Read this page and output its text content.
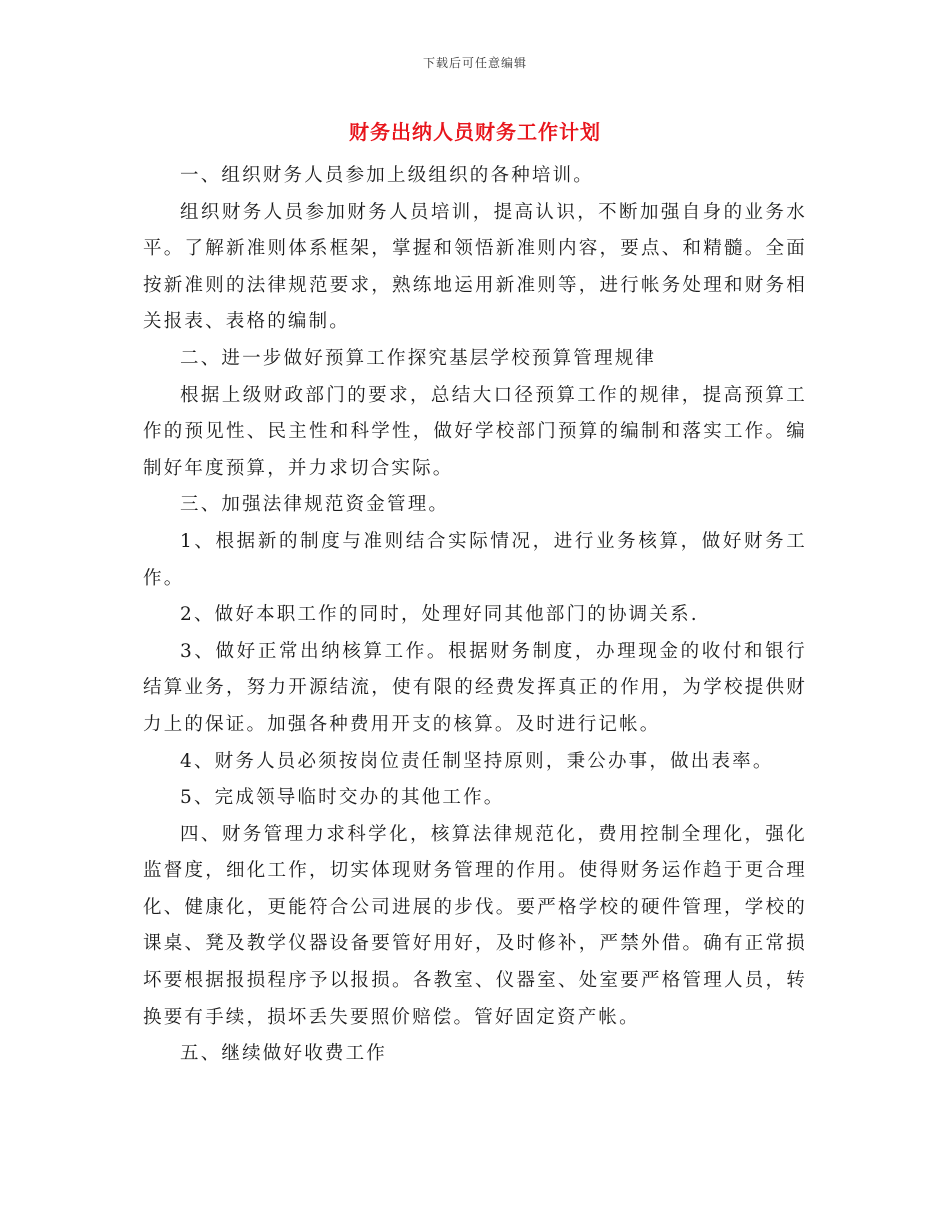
下载后可任意编辑
财务出纳人员财务工作计划

一、组织财务人员参加上级组织的各种培训。

组织财务人员参加财务人员培训，提高认识，不断加强自身的业务水平。了解新准则体系框架，掌握和领悟新准则内容，要点、和精髓。全面按新准则的法律规范要求，熟练地运用新准则等，进行帐务处理和财务相关报表、表格的编制。

二、进一步做好预算工作探究基层学校预算管理规律

根据上级财政部门的要求，总结大口径预算工作的规律，提高预算工作的预见性、民主性和科学性，做好学校部门预算的编制和落实工作。编制好年度预算，并力求切合实际。

三、加强法律规范资金管理。

1、根据新的制度与准则结合实际情况，进行业务核算，做好财务工作。

2、做好本职工作的同时，处理好同其他部门的协调关系.

3、做好正常出纳核算工作。根据财务制度，办理现金的收付和银行结算业务，努力开源结流，使有限的经费发挥真正的作用，为学校提供财力上的保证。加强各种费用开支的核算。及时进行记帐。

4、财务人员必须按岗位责任制坚持原则，秉公办事，做出表率。

5、完成领导临时交办的其他工作。

四、财务管理力求科学化，核算法律规范化，费用控制全理化，强化监督度，细化工作，切实体现财务管理的作用。使得财务运作趋于更合理化、健康化，更能符合公司进展的步伐。要严格学校的硬件管理，学校的课桌、凳及教学仪器设备要管好用好，及时修补，严禁外借。确有正常损坏要根据报损程序予以报损。各教室、仪器室、处室要严格管理人员，转换要有手续，损坏丢失要照价赔偿。管好固定资产帐。

五、继续做好收费工作
